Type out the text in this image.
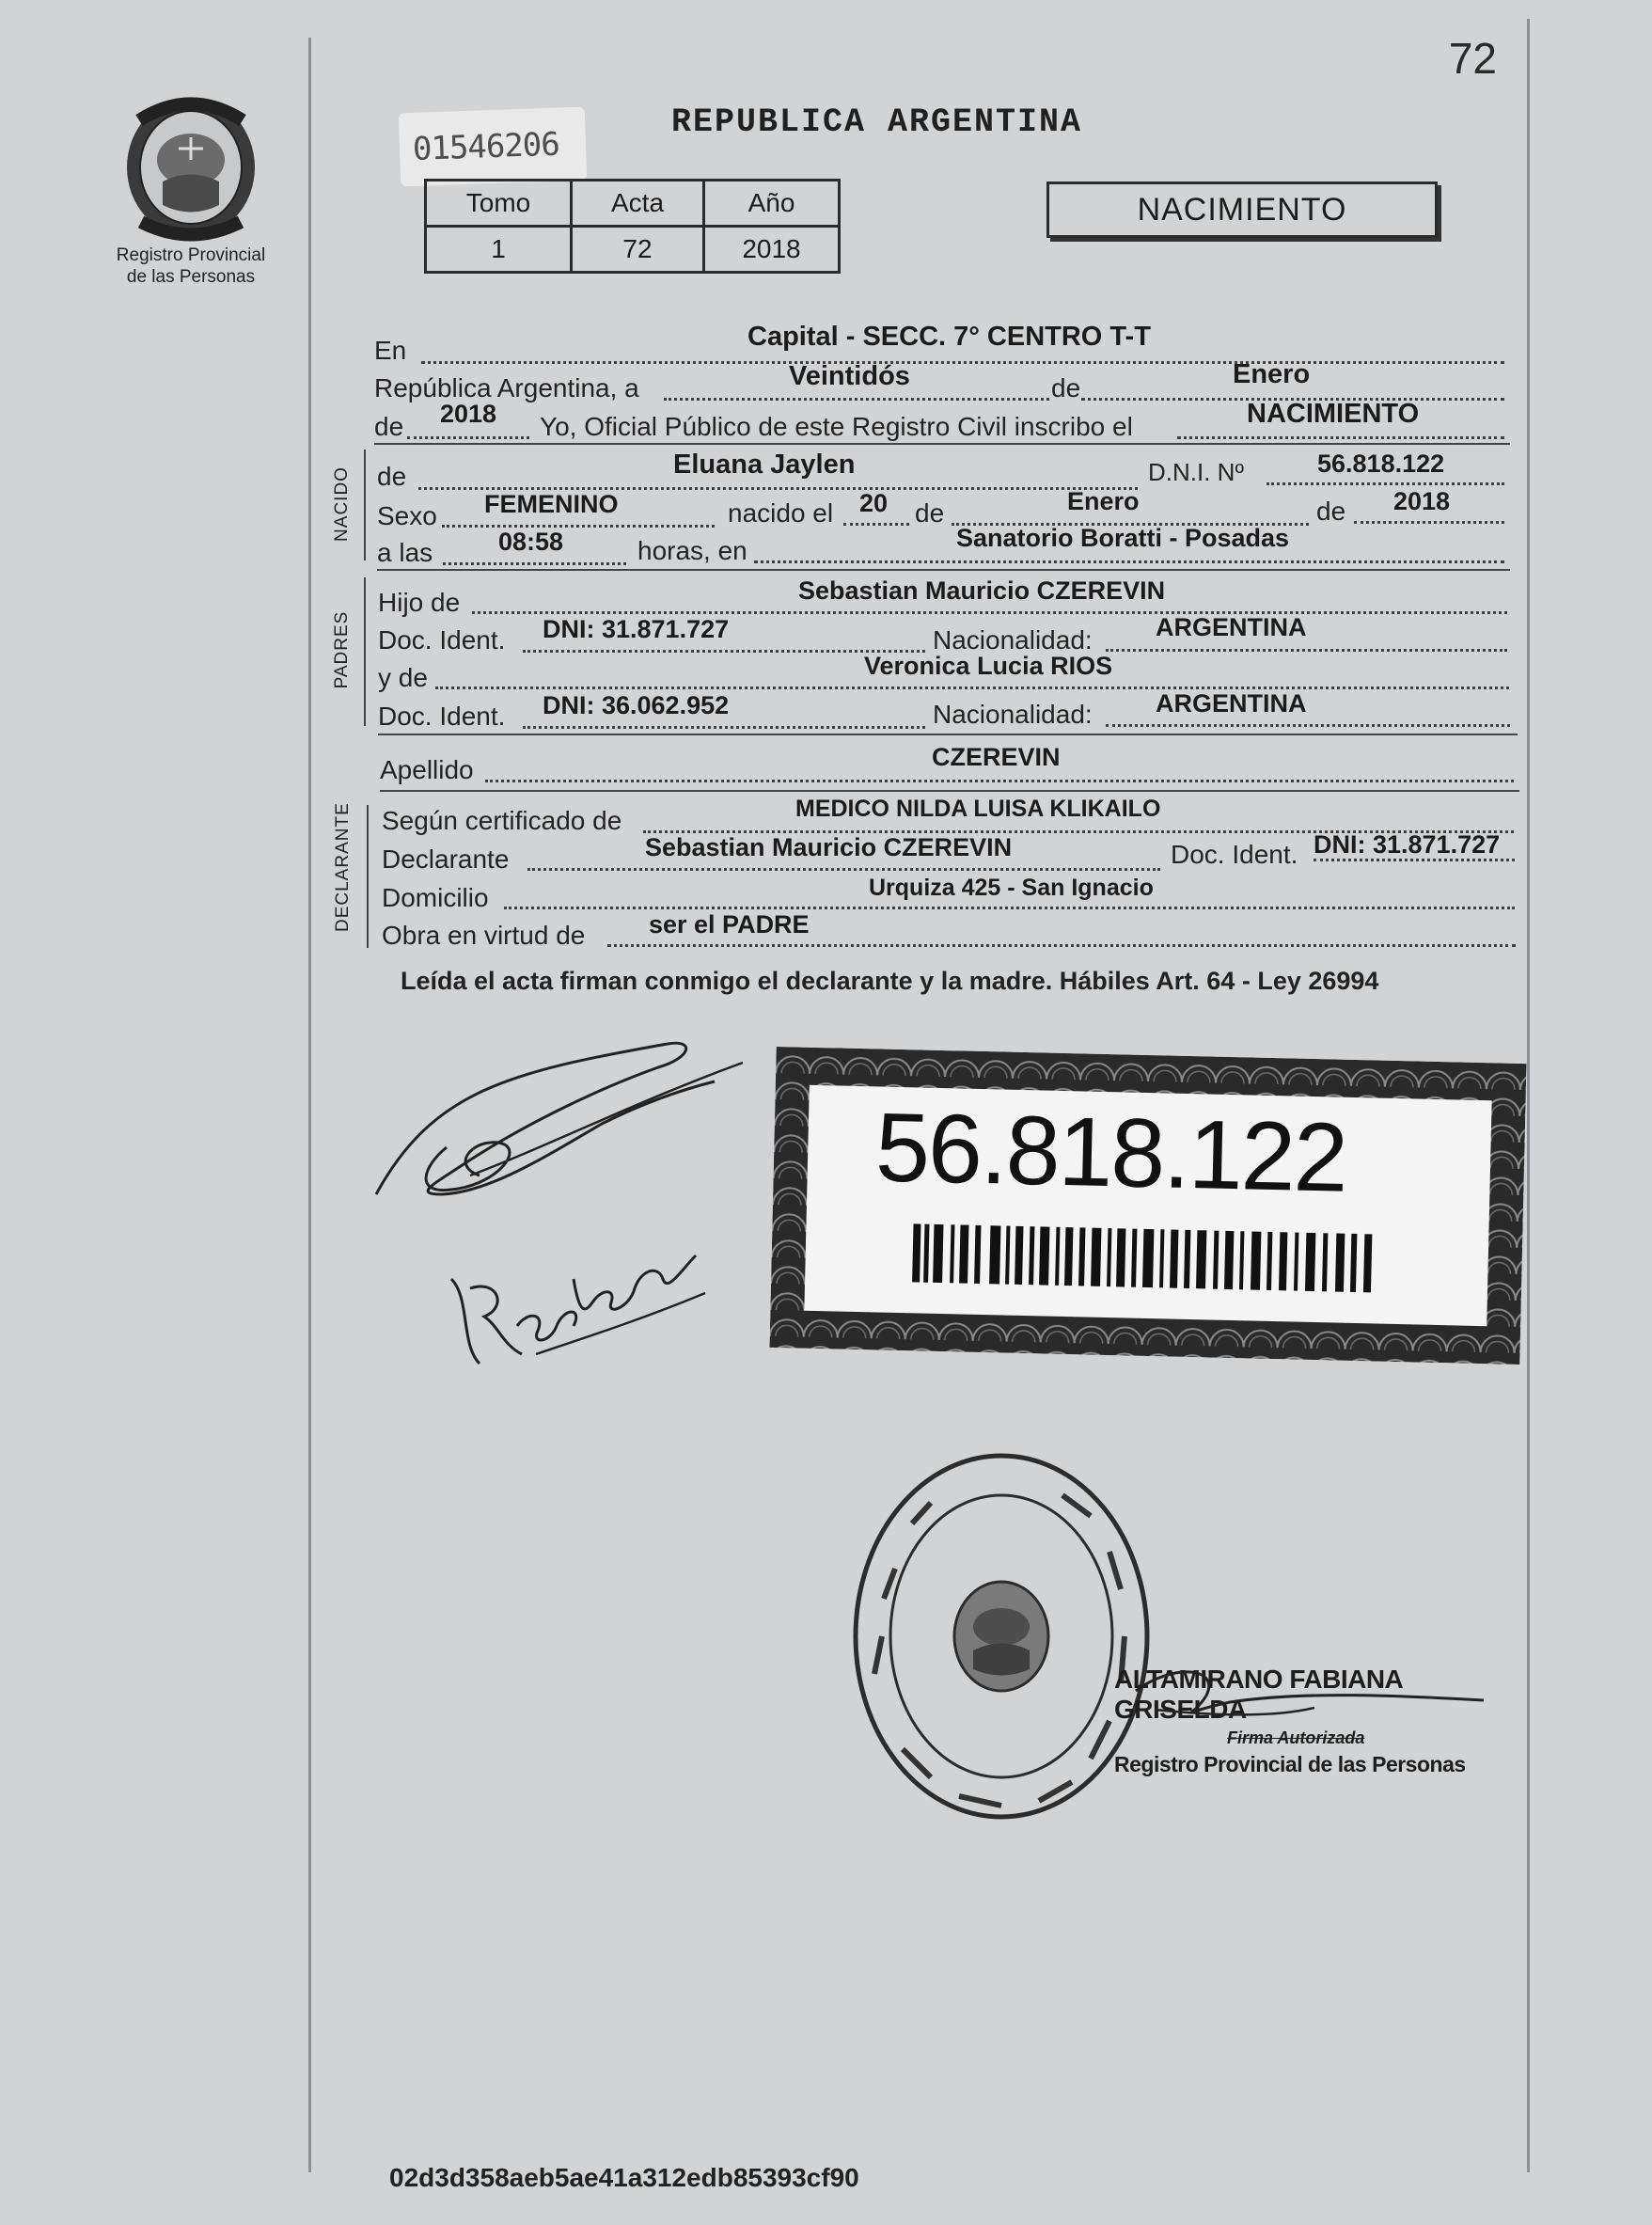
72
Registro Provincial
de las Personas
REPUBLICA ARGENTINA
01546206
Tomo	Acta	Año
1	72	2018
NACIMIENTO
En	Capital - SECC. 7° CENTRO T-T
República Argentina, a	Veintidós	de	Enero
de 2018 Yo, Oficial Público de este Registro Civil inscribo el	NACIMIENTO
NACIDO de	Eluana Jaylen	D.N.I. Nº	56.818.122
Sexo FEMENINO	nacido el 20 de	Enero	de 2018
a las	08:58	horas, en	Sanatorio Boratti - Posadas
PADRES
Hijo de	Sebastian Mauricio CZEREVIN
Doc. Ident. DNI: 31.871.727	Nacionalidad: ARGENTINA
y de	Veronica Lucia RIOS
Doc. Ident. DNI: 36.062.952	Nacionalidad: ARGENTINA
Apellido	CZEREVIN
DECLARANTE Según certificado de	MEDICO NILDA LUISA KLIKAILO
Declarante	Sebastian Mauricio CZEREVIN	Doc. Ident. DNI: 31.871.727
Domicilio	Urquiza 425 - San Ignacio
Obra en virtud de	ser el PADRE
Leída el acta firman conmigo el declarante y la madre. Hábiles Art. 64 - Ley 26994
56.818.122
ALTAMIRANO FABIANA GRISELDA
Firma Autorizada
Registro Provincial de las Personas
02d3d358aeb5ae41a312edb85393cf90
